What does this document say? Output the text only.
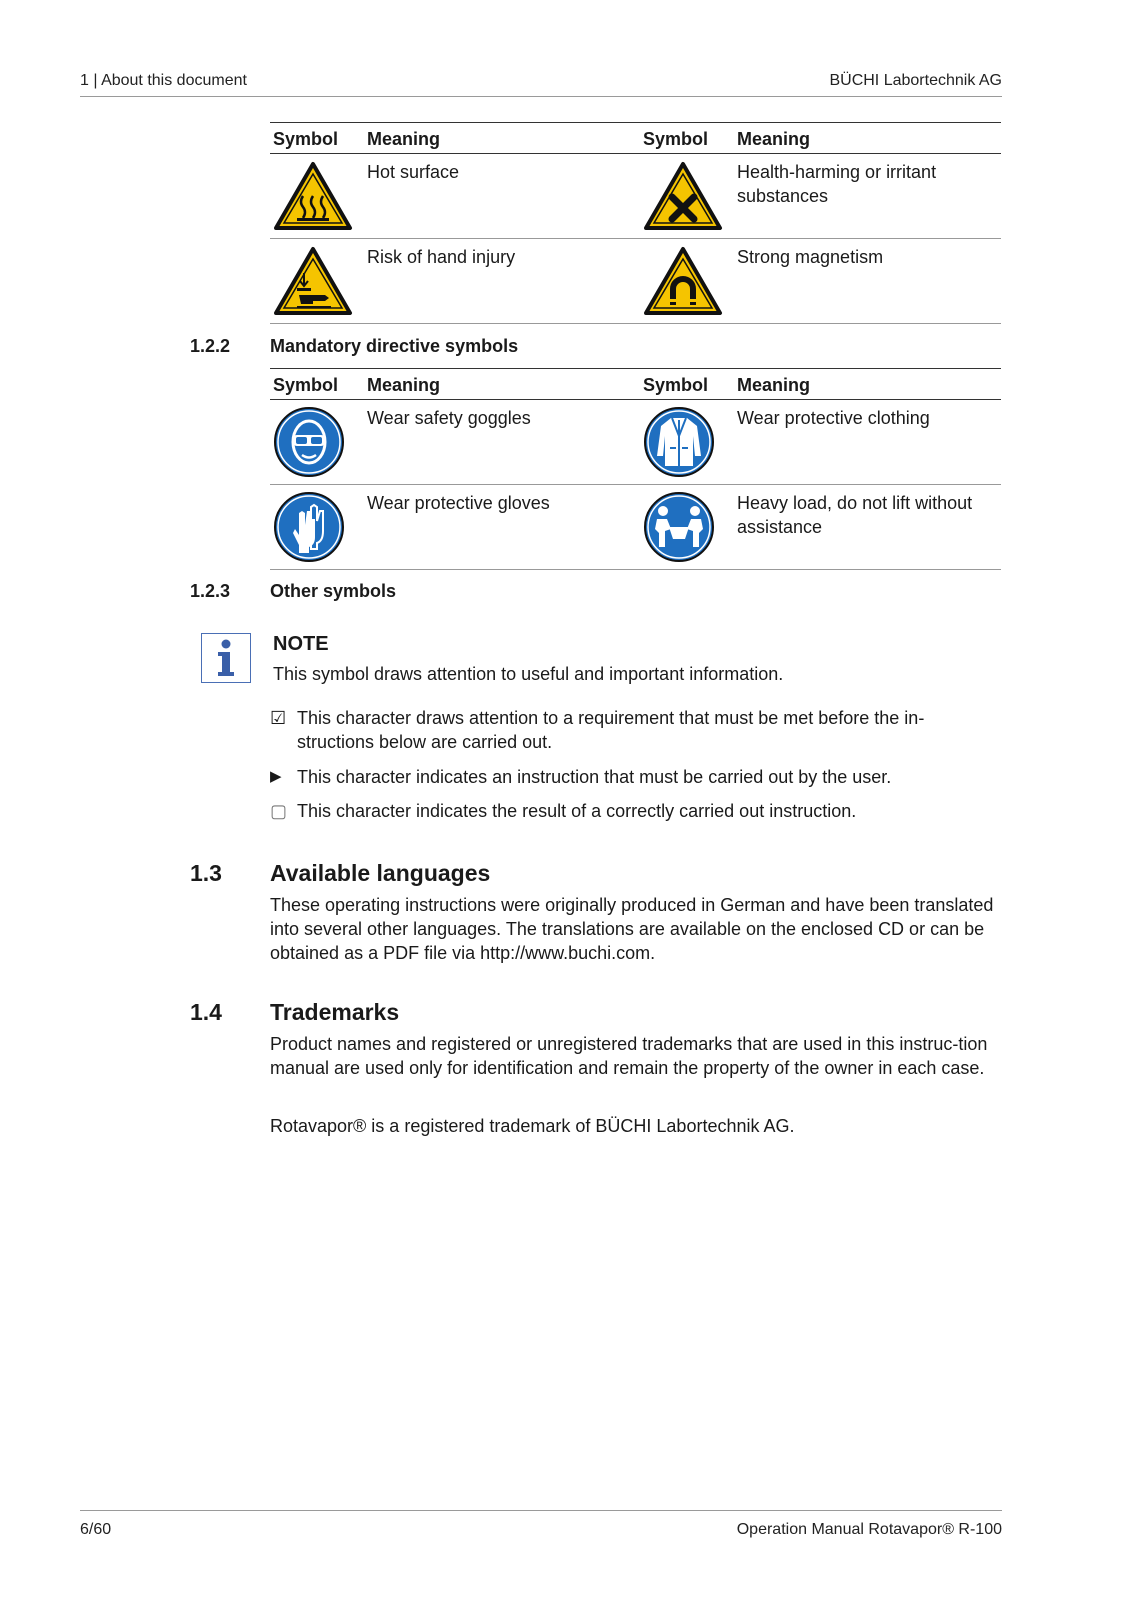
1 | About this document	BÜCHI Labortechnik AG
Symbol	Meaning	Symbol	Meaning

	Hot surface		Health-harming or irritant substances

	Risk of hand injury		Strong magnetism
1.2.2 Mandatory directive symbols
Symbol	Meaning	Symbol	Meaning

	Wear safety goggles		Wear protective clothing

	Wear protective gloves		Heavy load, do not lift without assistance
1.2.3 Other symbols
NOTE
This symbol draws attention to useful and important information.
☑ This character draws attention to a requirement that must be met before the in-structions below are carried out.
▶ This character indicates an instruction that must be carried out by the user.
▢ This character indicates the result of a correctly carried out instruction.
1.3 Available languages
These operating instructions were originally produced in German and have been translated into several other languages. The translations are available on the enclosed CD or can be obtained as a PDF file via http://www.buchi.com.
1.4 Trademarks
Product names and registered or unregistered trademarks that are used in this instruc-tion manual are used only for identification and remain the property of the owner in each case.
Rotavapor® is a registered trademark of BÜCHI Labortechnik AG.
6/60	Operation Manual Rotavapor® R-100
